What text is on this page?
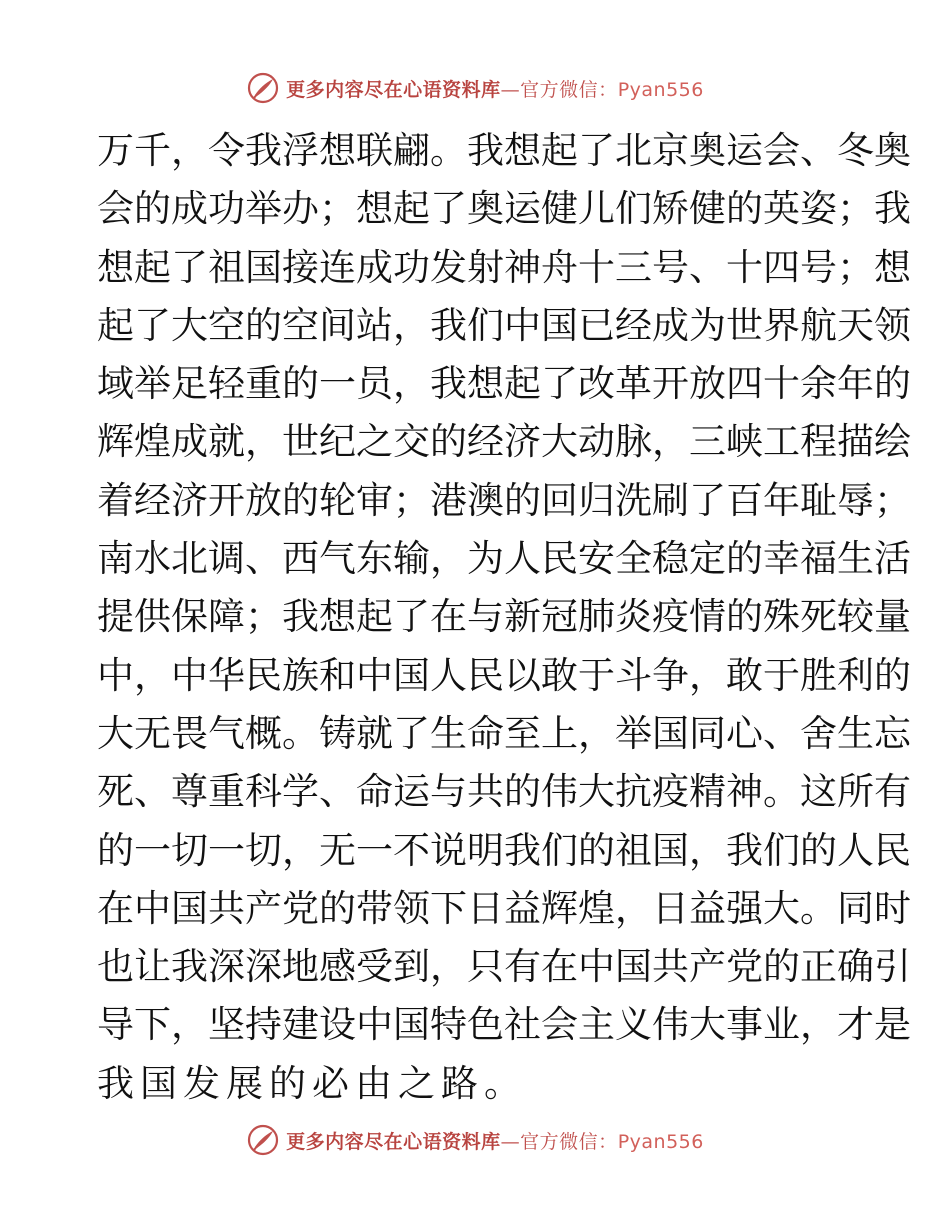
更多内容尽在心语资料库—官方微信：Pyan556
万千，令我浮想联翩。我想起了北京奥运会、冬奥
会的成功举办；想起了奥运健儿们矫健的英姿；我
想起了祖国接连成功发射神舟十三号、十四号；想
起了大空的空间站，我们中国已经成为世界航天领
域举足轻重的一员，我想起了改革开放四十余年的
辉煌成就，世纪之交的经济大动脉，三峡工程描绘
着经济开放的轮审；港澳的回归洗刷了百年耻辱；
南水北调、西气东输，为人民安全稳定的幸福生活
提供保障；我想起了在与新冠肺炎疫情的殊死较量
中，中华民族和中国人民以敢于斗争，敢于胜利的
大无畏气概。铸就了生命至上，举国同心、舍生忘
死、尊重科学、命运与共的伟大抗疫精神。这所有
的一切一切，无一不说明我们的祖国，我们的人民
在中国共产党的带领下日益辉煌，日益强大。同时
也让我深深地感受到，只有在中国共产党的正确引
导下，坚持建设中国特色社会主义伟大事业，才是
我国发展的必由之路。
更多内容尽在心语资料库—官方微信：Pyan556
